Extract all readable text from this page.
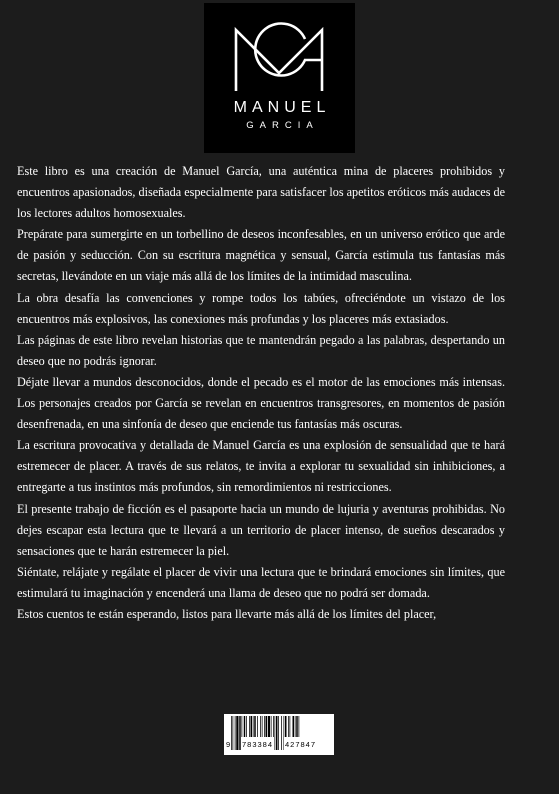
MANUEL
GARCIA

Este libro es una creación de Manuel García, una auténtica mina de placeres prohibidos y encuentros apasionados, diseñada especialmente para satisfacer los apetitos eróticos más audaces de los lectores adultos homosexuales.

Prepárate para sumergirte en un torbellino de deseos inconfesables, en un universo erótico que arde de pasión y seducción. Con su escritura magnética y sensual, García estimula tus fantasías más secretas, llevándote en un viaje más allá de los límites de la intimidad masculina.

La obra desafía las convenciones y rompe todos los tabúes, ofreciéndote un vistazo de los encuentros más explosivos, las conexiones más profundas y los placeres más extasiados.

Las páginas de este libro revelan historias que te mantendrán pegado a las palabras, despertando un deseo que no podrás ignorar.

Déjate llevar a mundos desconocidos, donde el pecado es el motor de las emociones más intensas. Los personajes creados por García se revelan en encuentros transgresores, en momentos de pasión desenfrenada, en una sinfonía de deseo que enciende tus fantasías más oscuras.

La escritura provocativa y detallada de Manuel García es una explosión de sensualidad que te hará estremecer de placer. A través de sus relatos, te invita a explorar tu sexualidad sin inhibiciones, a entregarte a tus instintos más profundos, sin remordimientos ni restricciones.

El presente trabajo de ficción es el pasaporte hacia un mundo de lujuria y aventuras prohibidas. No dejes escapar esta lectura que te llevará a un territorio de placer intenso, de sueños descarados y sensaciones que te harán estremecer la piel.

Siéntate, relájate y regálate el placer de vivir una lectura que te brindará emociones sin límites, que estimulará tu imaginación y encenderá una llama de deseo que no podrá ser domada.

Estos cuentos te están esperando, listos para llevarte más allá de los límites del placer,

9 783384 427847
